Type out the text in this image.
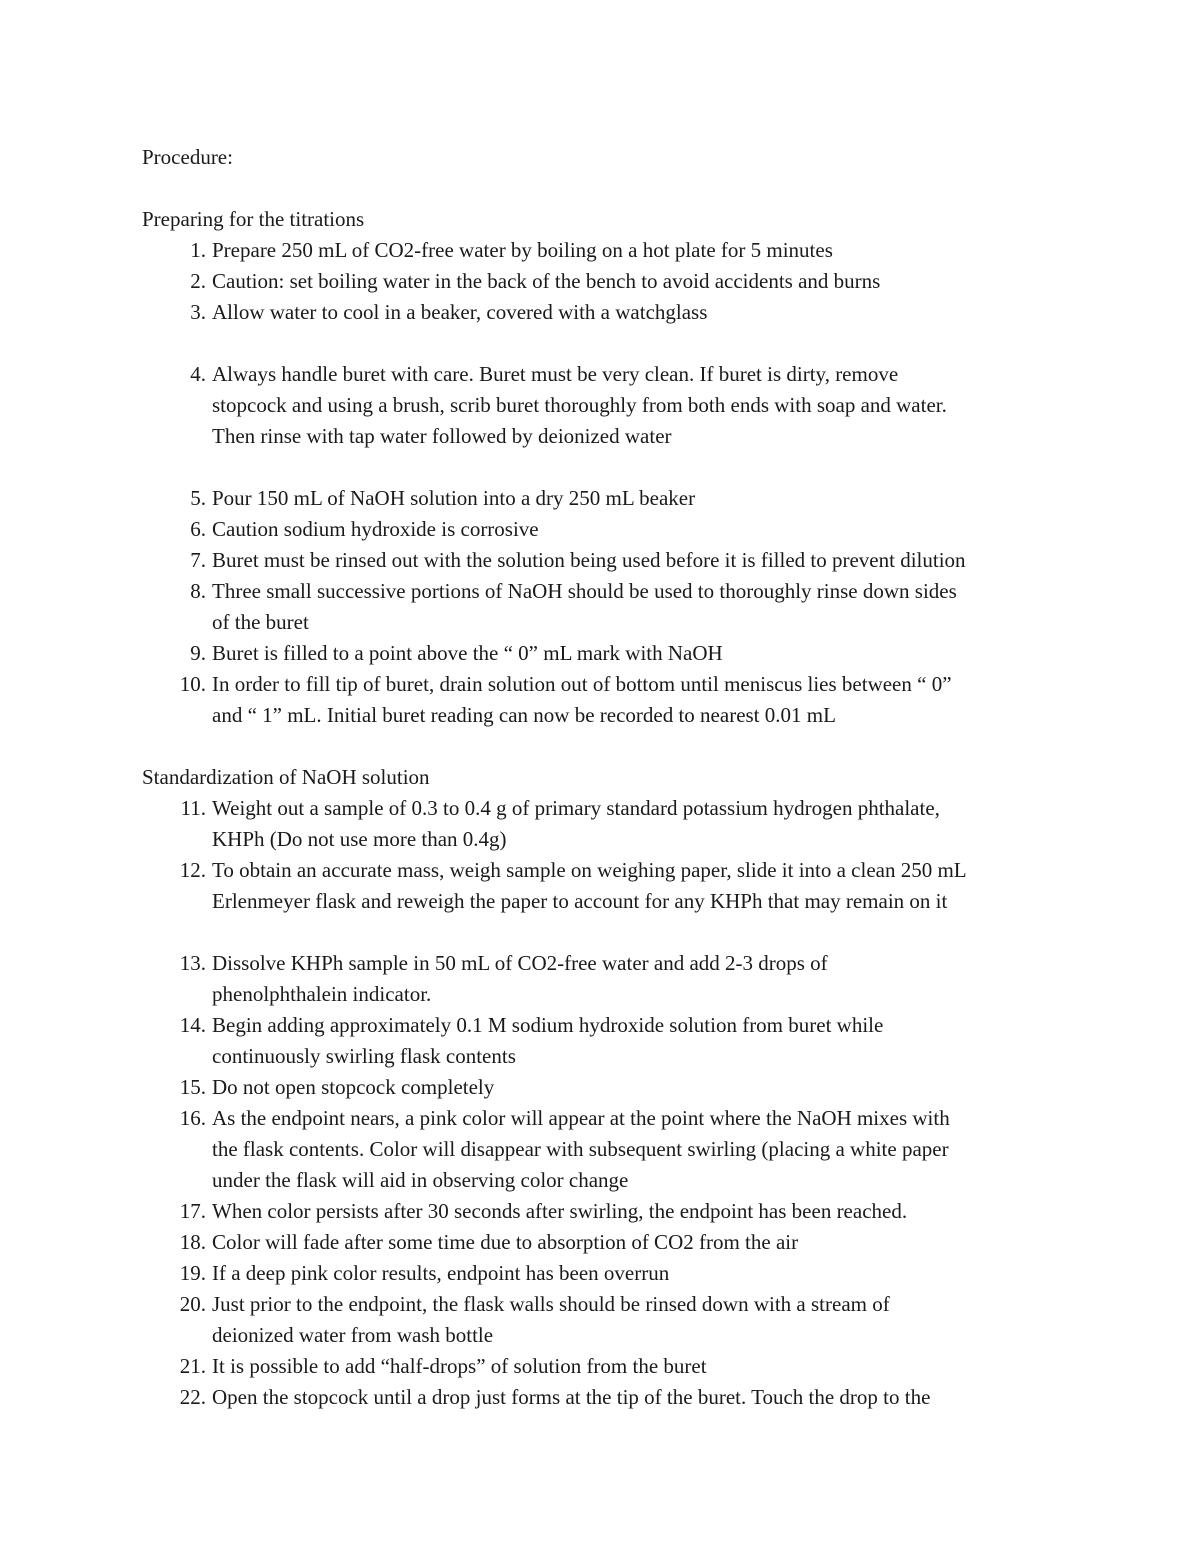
Procedure:
Preparing for the titrations
1. Prepare 250 mL of CO2-free water by boiling on a hot plate for 5 minutes
2. Caution: set boiling water in the back of the bench to avoid accidents and burns
3. Allow water to cool in a beaker, covered with a watchglass
4. Always handle buret with care. Buret must be very clean. If buret is dirty, remove
stopcock and using a brush, scrib buret thoroughly from both ends with soap and water.
Then rinse with tap water followed by deionized water
5. Pour 150 mL of NaOH solution into a dry 250 mL beaker
6. Caution sodium hydroxide is corrosive
7. Buret must be rinsed out with the solution being used before it is filled to prevent dilution
8. Three small successive portions of NaOH should be used to thoroughly rinse down sides
of the buret
9. Buret is filled to a point above the “ 0” mL mark with NaOH
10. In order to fill tip of buret, drain solution out of bottom until meniscus lies between “ 0”
and “ 1” mL. Initial buret reading can now be recorded to nearest 0.01 mL
Standardization of NaOH solution
11. Weight out a sample of 0.3 to 0.4 g of primary standard potassium hydrogen phthalate,
KHPh (Do not use more than 0.4g)
12. To obtain an accurate mass, weigh sample on weighing paper, slide it into a clean 250 mL
Erlenmeyer flask and reweigh the paper to account for any KHPh that may remain on it
13. Dissolve KHPh sample in 50 mL of CO2-free water and add 2-3 drops of
phenolphthalein indicator.
14. Begin adding approximately 0.1 M sodium hydroxide solution from buret while
continuously swirling flask contents
15. Do not open stopcock completely
16. As the endpoint nears, a pink color will appear at the point where the NaOH mixes with
the flask contents. Color will disappear with subsequent swirling (placing a white paper
under the flask will aid in observing color change
17. When color persists after 30 seconds after swirling, the endpoint has been reached.
18. Color will fade after some time due to absorption of CO2 from the air
19. If a deep pink color results, endpoint has been overrun
20. Just prior to the endpoint, the flask walls should be rinsed down with a stream of
deionized water from wash bottle
21. It is possible to add “half-drops” of solution from the buret
22. Open the stopcock until a drop just forms at the tip of the buret. Touch the drop to the
